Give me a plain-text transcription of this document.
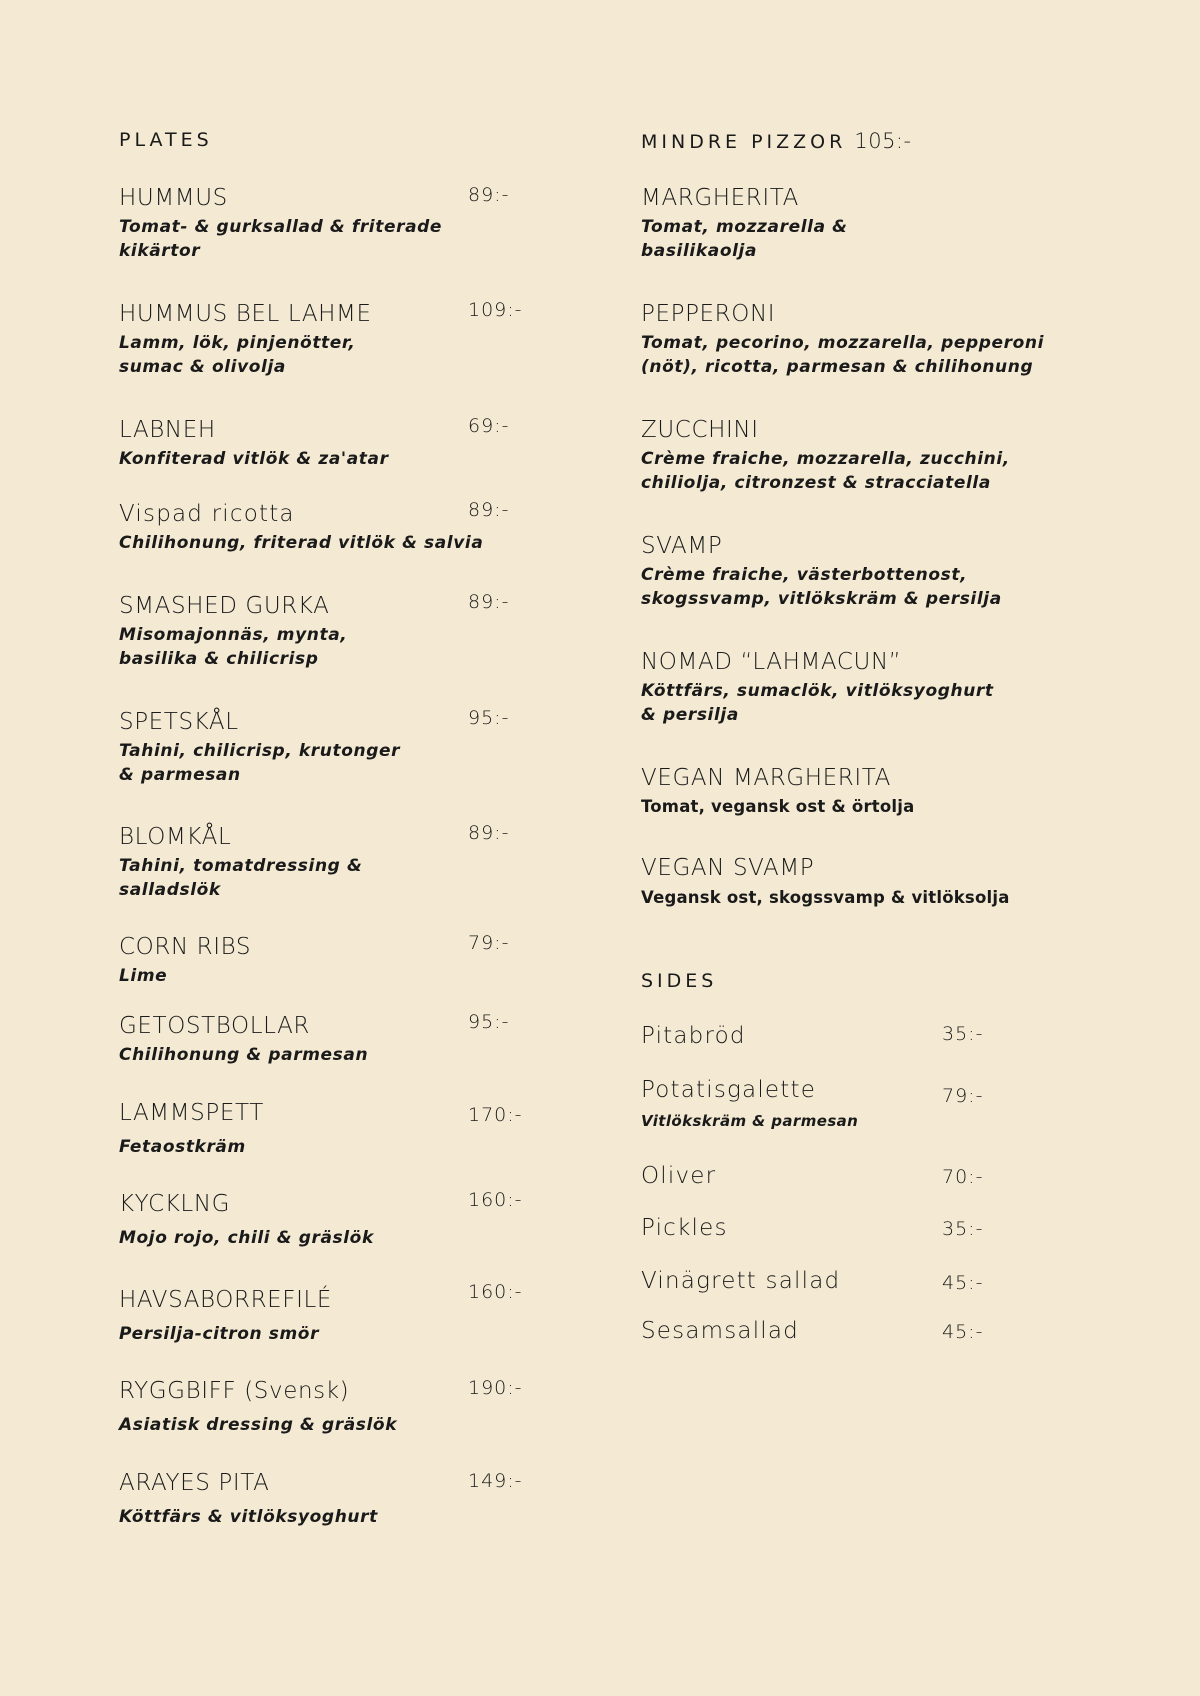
PLATES
HUMMUS
Tomat- & gurksallad & friterade
kikärtor
89:-
HUMMUS BEL LAHME
Lamm, lök, pinjenötter,
sumac & olivolja
109:-
LABNEH
Konfiterad vitlök & za'atar
69:-
Vispad ricotta
Chilihonung, friterad vitlök & salvia
89:-
SMASHED GURKA
Misomajonnäs, mynta,
basilika & chilicrisp
89:-
SPETSKÅL
Tahini, chilicrisp, krutonger
& parmesan
95:-
BLOMKÅL
Tahini, tomatdressing &
salladslök
89:-
CORN RIBS
Lime
79:-
GETOSTBOLLAR
Chilihonung & parmesan
95:-
LAMMSPETT
Fetaostkräm
170:-
KYCKLNG
Mojo rojo, chili & gräslök
160:-
HAVSABORREFILÉ
Persilja-citron smör
160:-
RYGGBIFF (Svensk)
Asiatisk dressing & gräslök
190:-
ARAYES PITA
Köttfärs & vitlöksyoghurt
149:-
MINDRE PIZZOR 105:-
MARGHERITA
Tomat, mozzarella &
basilikaolja
PEPPERONI
Tomat, pecorino, mozzarella, pepperoni
(nöt), ricotta, parmesan & chilihonung
ZUCCHINI
Crème fraiche, mozzarella, zucchini,
chiliolja, citronzest & stracciatella
SVAMP
Crème fraiche, västerbottenost,
skogssvamp, vitlökskräm & persilja
NOMAD “LAHMACUN”
Köttfärs, sumaclök, vitlöksyoghurt
& persilja
VEGAN MARGHERITA
Tomat, vegansk ost & örtolja
VEGAN SVAMP
Vegansk ost, skogssvamp & vitlöksolja
SIDES
Pitabröd	35:-
Potatisgalette
Vitlökskräm & parmesan
79:-
Oliver	70:-
Pickles	35:-
Vinägrett sallad	45:-
Sesamsallad	45:-
